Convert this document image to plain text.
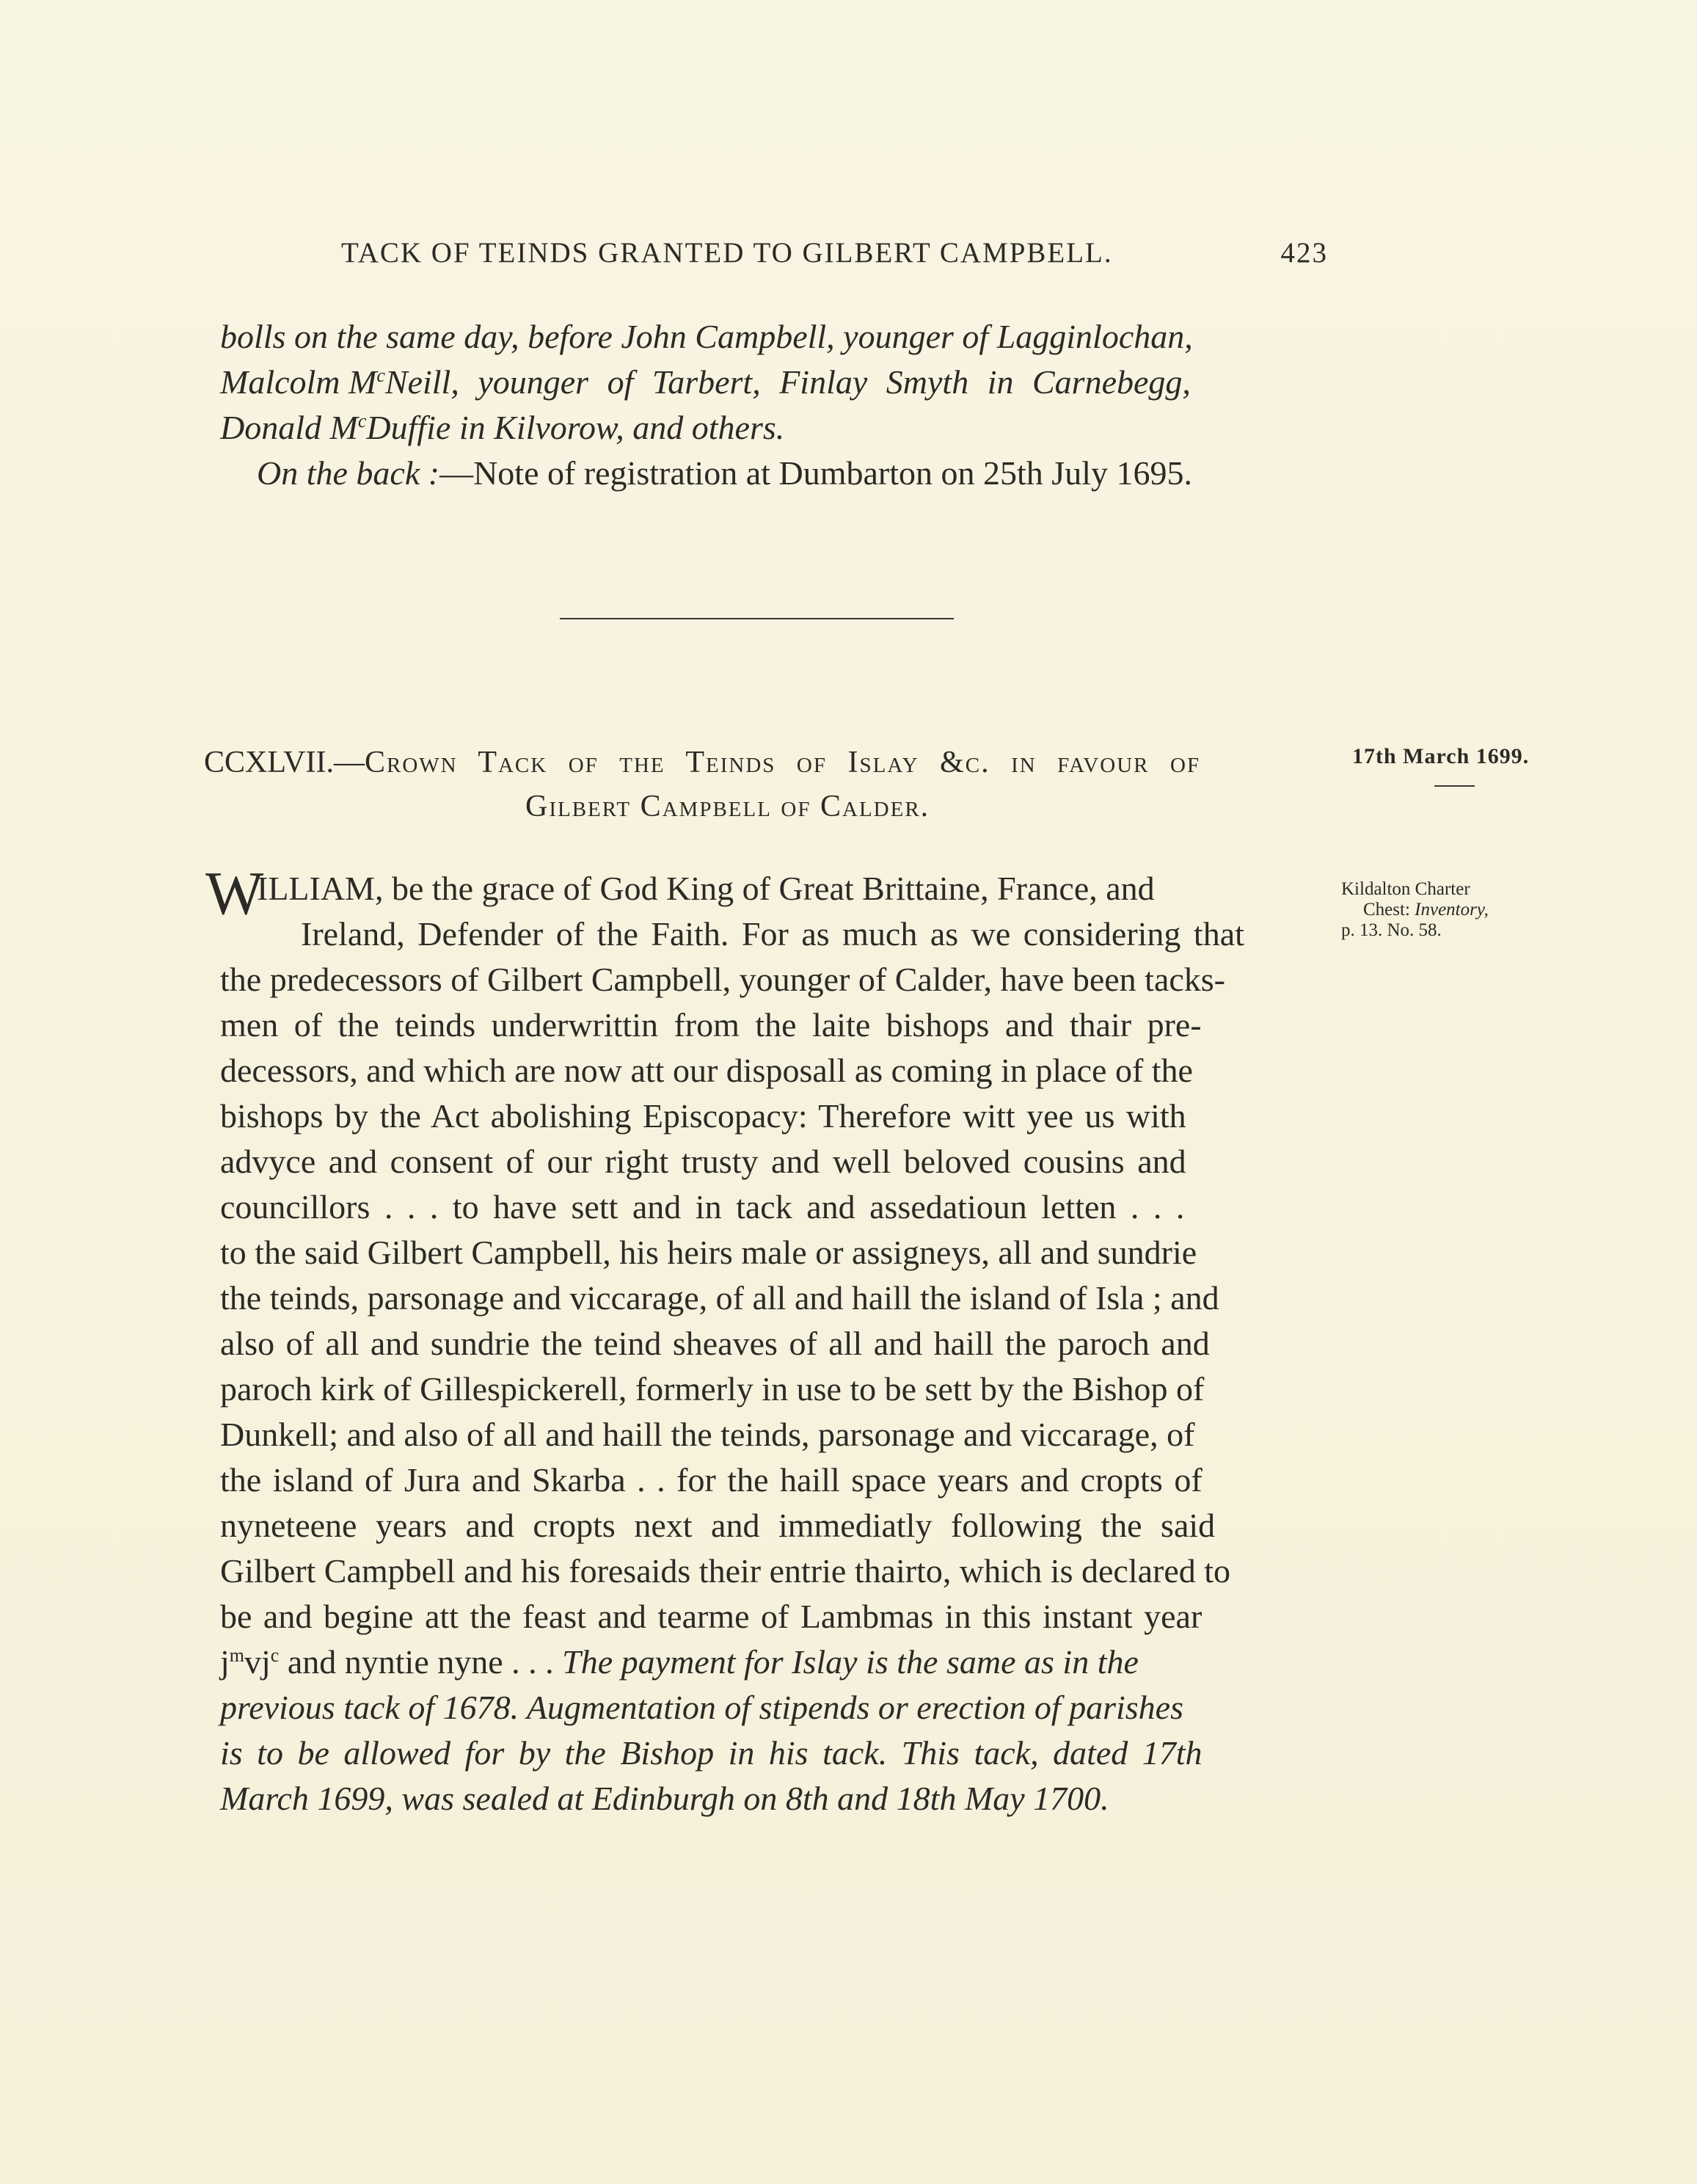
TACK OF TEINDS GRANTED TO GILBERT CAMPBELL.	423
bolls on the same day, before John Campbell, younger of Lagginlochan,
Malcolm $M^cNeill$, younger of Tarbert, Finlay Smyth in Carnebegg,
Donald $M^cDuffie$ in Kilvorow, and others.
On the back :—Note of registration at Dumbarton on 25th July 1695.
CCXLVII.—Crown Tack of the Teinds of Islay &c. in favour of
Gilbert Campbell of Calder.
17th March 1699.
Kildalton Charter
Chest: Inventory,
p. 13. No. 58.
W
ILLIAM, be the grace of God King of Great Brittaine, France, and
Ireland, Defender of the Faith. For as much as we considering that
the predecessors of Gilbert Campbell, younger of Calder, have been tacks-
men of the teinds underwrittin from the laite bishops and thair pre-
decessors, and which are now att our disposall as coming in place of the
bishops by the Act abolishing Episcopacy: Therefore witt yee us with
advyce and consent of our right trusty and well beloved cousins and
councillors . . . to have sett and in tack and assedatioun letten . . .
to the said Gilbert Campbell, his heirs male or assigneys, all and sundrie
the teinds, parsonage and viccarage, of all and haill the island of Isla ; and
also of all and sundrie the teind sheaves of all and haill the paroch and
paroch kirk of Gillespickerell, formerly in use to be sett by the Bishop of
Dunkell; and also of all and haill the teinds, parsonage and viccarage, of
the island of Jura and Skarba . . for the haill space years and cropts of
nyneteene years and cropts next and immediatly following the said
Gilbert Campbell and his foresaids their entrie thairto, which is declared to
be and begine att the feast and tearme of Lambmas in this instant year
$j^mvj^c$ and nyntie nyne . . . The payment for Islay is the same as in the
previous tack of 1678. Augmentation of stipends or erection of parishes
is to be allowed for by the Bishop in his tack. This tack, dated 17th
March 1699, was sealed at Edinburgh on 8th and 18th May 1700.
